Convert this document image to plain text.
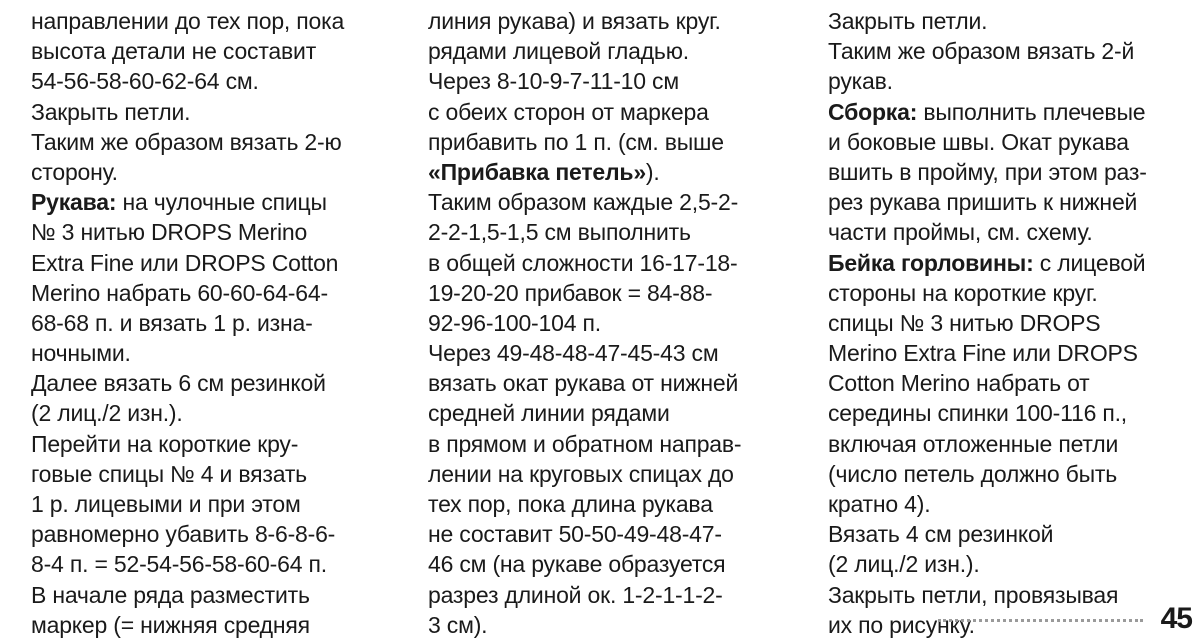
направлении до тех пор, пока
высота детали не составит
54-56-58-60-62-64 см.
Закрыть петли.
Таким же образом вязать 2-ю
сторону.
Рукава: на чулочные спицы
№ 3 нитью DROPS Merino
Extra Fine или DROPS Cotton
Merino набрать 60-60-64-64-
68-68 п. и вязать 1 р. изна-
ночными.
Далее вязать 6 см резинкой
(2 лиц./2 изн.).
Перейти на короткие кру-
говые спицы № 4 и вязать
1 р. лицевыми и при этом
равномерно убавить 8-6-8-6-
8-4 п. = 52-54-56-58-60-64 п.
В начале ряда разместить
маркер (= нижняя средняя
линия рукава) и вязать круг.
рядами лицевой гладью.
Через 8-10-9-7-11-10 см
с обеих сторон от маркера
прибавить по 1 п. (см. выше
«Прибавка петель»).
Таким образом каждые 2,5-2-
2-2-1,5-1,5 см выполнить
в общей сложности 16-17-18-
19-20-20 прибавок = 84-88-
92-96-100-104 п.
Через 49-48-48-47-45-43 см
вязать окат рукава от нижней
средней линии рядами
в прямом и обратном направ-
лении на круговых спицах до
тех пор, пока длина рукава
не составит 50-50-49-48-47-
46 см (на рукаве образуется
разрез длиной ок. 1-2-1-1-2-
3 см).
Закрыть петли.
Таким же образом вязать 2-й
рукав.
Сборка: выполнить плечевые
и боковые швы. Окат рукава
вшить в пройму, при этом раз-
рез рукава пришить к нижней
части проймы, см. схему.
Бейка горловины: с лицевой
стороны на короткие круг.
спицы № 3 нитью DROPS
Merino Extra Fine или DROPS
Cotton Merino набрать от
середины спинки 100-116 п.,
включая отложенные петли
(число петель должно быть
кратно 4).
Вязать 4 см резинкой
(2 лиц./2 изн.).
Закрыть петли, провязывая
их по рисунку.	45
